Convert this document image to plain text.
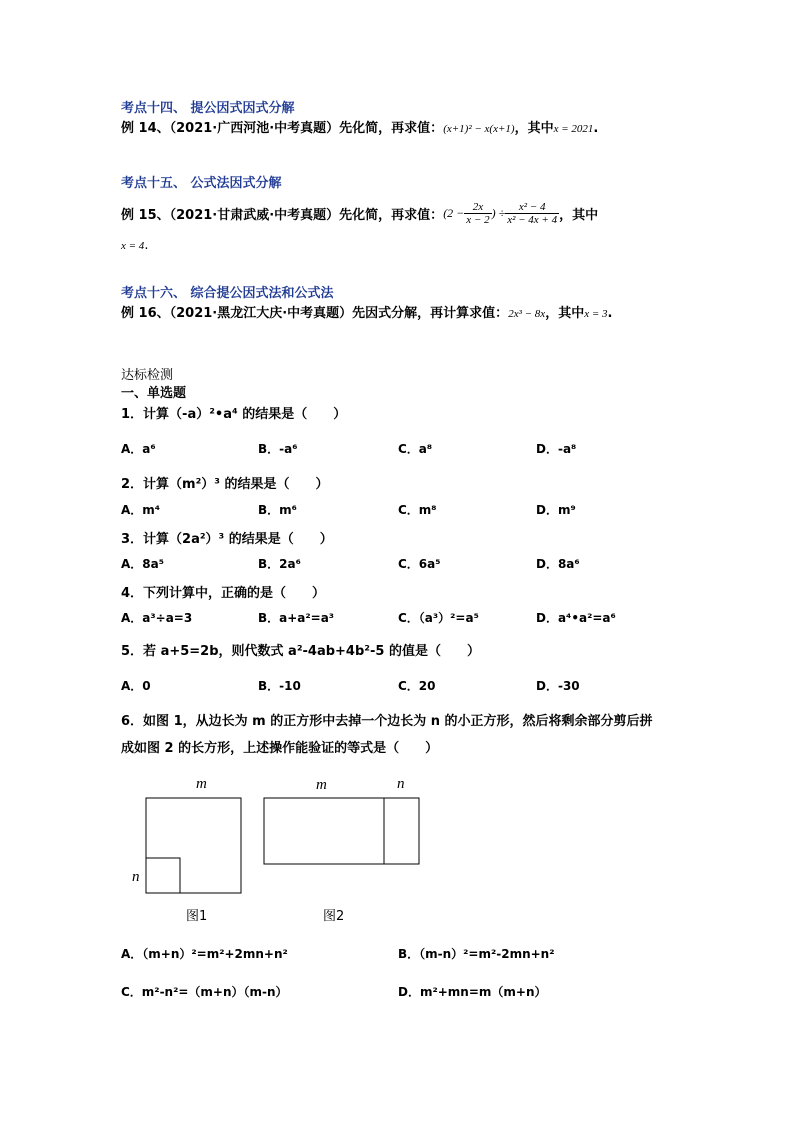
考点十四、 提公因式因式分解
例 14、（2021·广西河池·中考真题）先化简，再求值：(x+1)² − x(x+1)，其中x = 2021.
考点十五、 公式法因式分解
例 15、（2021·甘肃武威·中考真题）先化简，再求值： ($2 - \frac{2x}{x - 2}$ ) ÷ $\frac{\text{x² − 4}}{\text{x² − 4x + 4}}$ ，其中
x = 4.
考点十六、 综合提公因式法和公式法
例 16、（2021·黑龙江大庆·中考真题）先因式分解，再计算求值：2x³ − 8x，其中x = 3.
达标检测
一、单选题
1．计算（-a）²•a⁴ 的结果是（　　）
A．a⁶	B．-a⁶	C．a⁸	D．-a⁸
2．计算（m²）³ 的结果是（　　）
A．m⁴	B．m⁶	C．m⁸	D．m⁹
3．计算（2a²）³ 的结果是（　　）
A．8a⁵	B．2a⁶	C．6a⁵	D．8a⁶
4．下列计算中，正确的是（　　）
A．a³÷a=3	B．a+a²=a³	C．（a³）²=a⁵	D．a⁴•a²=a⁶
5．若 a+5=2b，则代数式 a²-4ab+4b²-5 的值是（　　）
A．0	B．-10	C．20	D．-30
6．如图 1，从边长为 m 的正方形中去掉一个边长为 n 的小正方形，然后将剩余部分剪后拼
成如图 2 的长方形，上述操作能验证的等式是（　　）
m
n
m	n
图1	图2
A．（m+n）²=m²+2mn+n²	B．（m-n）²=m²-2mn+n²
C．m²-n²=（m+n）（m-n）	D．m²+mn=m（m+n）
